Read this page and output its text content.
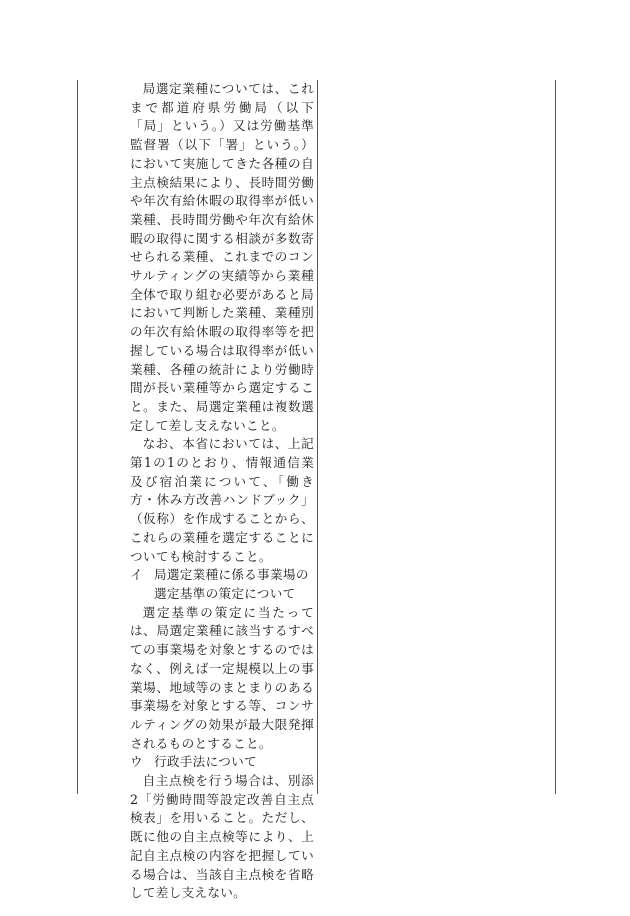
局選定業種については、これまで都道府県労働局（以下「局」という。）又は労働基準監督署（以下「署」という。）において実施してきた各種の自主点検結果により、長時間労働や年次有給休暇の取得率が低い業種、長時間労働や年次有給休暇の取得に関する相談が多数寄せられる業種、これまでのコンサルティングの実績等から業種全体で取り組む必要があると局において判断した業種、業種別の年次有給休暇の取得率等を把握している場合は取得率が低い業種、各種の統計により労働時間が長い業種等から選定すること。また、局選定業種は複数選定して差し支えないこと。

なお、本省においては、上記第1の1のとおり、情報通信業及び宿泊業について、「働き方・休み方改善ハンドブック」（仮称）を作成することから、これらの業種を選定することについても検討すること。

イ 局選定業種に係る事業場の選定基準の策定について

選定基準の策定に当たっては、局選定業種に該当するすべての事業場を対象とするのではなく、例えば一定規模以上の事業場、地域等のまとまりのある事業場を対象とする等、コンサルティングの効果が最大限発揮されるものとすること。

ウ 行政手法について

自主点検を行う場合は、別添2「労働時間等設定改善自主点検表」を用いること。ただし、既に他の自主点検等により、上記自主点検の内容を把握している場合は、当該自主点検を省略して差し支えない。
